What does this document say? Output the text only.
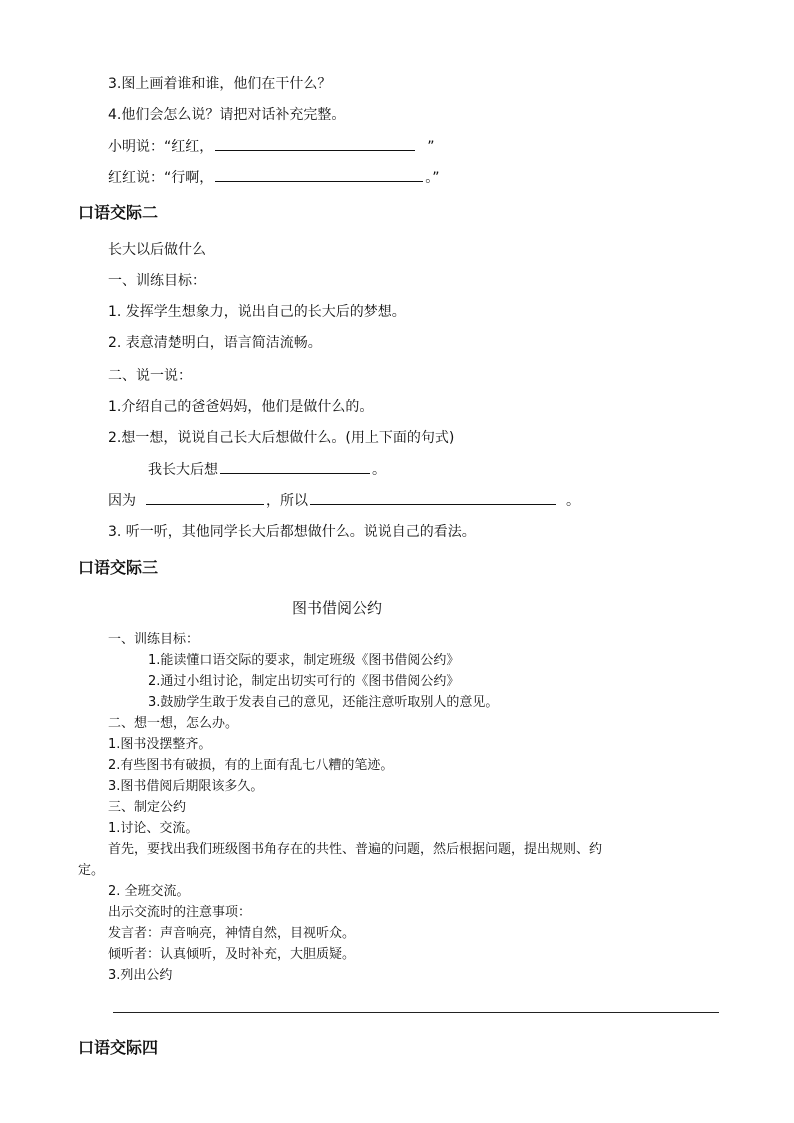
3.图上画着谁和谁，他们在干什么？

4.他们会怎么说？请把对话补充完整。

小明说：“红红，	”

红红说：“行啊，	。”

口语交际二

长大以后做什么

一、训练目标：

1. 发挥学生想象力，说出自己的长大后的梦想。

2. 表意清楚明白，语言简洁流畅。

二、说一说：

1.介绍自己的爸爸妈妈，他们是做什么的。

2.想一想，说说自己长大后想做什么。(用上下面的句式)

我长大后想	。

因为	，所以	。

3. 听一听，其他同学长大后都想做什么。说说自己的看法。

口语交际三

图书借阅公约

一、训练目标：

1.能读懂口语交际的要求，制定班级《图书借阅公约》

2.通过小组讨论，制定出切实可行的《图书借阅公约》

3.鼓励学生敢于发表自己的意见，还能注意听取别人的意见。

二、想一想，怎么办。

1.图书没摆整齐。

2.有些图书有破损，有的上面有乱七八糟的笔迹。

3.图书借阅后期限该多久。

三、制定公约

1.讨论、交流。

首先，要找出我们班级图书角存在的共性、普遍的问题，然后根据问题，提出规则、约

定。

2. 全班交流。

出示交流时的注意事项：

发言者：声音响亮，神情自然，目视听众。

倾听者：认真倾听，及时补充，大胆质疑。

3.列出公约

口语交际四
